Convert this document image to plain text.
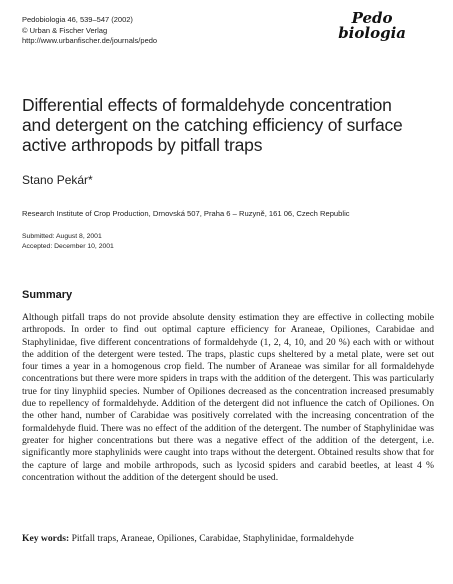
Pedobiologia 46, 539–547 (2002)
© Urban & Fischer Verlag
http://www.urbanfischer.de/journals/pedo
Pedo
biologia
Differential effects of formaldehyde concentration and detergent on the catching efficiency of surface active arthropods by pitfall traps
Stano Pekár*
Research Institute of Crop Production, Drnovská 507, Praha 6 – Ruzyně, 161 06, Czech Republic
Submitted: August 8, 2001
Accepted: December 10, 2001
Summary
Although pitfall traps do not provide absolute density estimation they are effective in collecting mobile arthropods. In order to find out optimal capture efficiency for Araneae, Opiliones, Carabidae and Staphylinidae, five different concentrations of formaldehyde (1, 2, 4, 10, and 20 %) each with or without the addition of the detergent were tested. The traps, plastic cups sheltered by a metal plate, were set out four times a year in a homogenous crop field. The number of Araneae was similar for all formaldehyde concentrations but there were more spiders in traps with the addition of the detergent. This was particularly true for tiny linyphiid species. Number of Opiliones decreased as the concentration increased presumably due to repellency of formaldehyde. Addition of the detergent did not influence the catch of Opiliones. On the other hand, number of Carabidae was positively correlated with the increasing concentration of the formaldehyde fluid. There was no effect of the addition of the detergent. The number of Staphylinidae was greater for higher concentrations but there was a negative effect of the addition of the detergent, i.e. significantly more staphylinids were caught into traps without the detergent. Obtained results show that for the capture of large and mobile arthropods, such as lycosid spiders and carabid beetles, at least 4 % concentration without the addition of the detergent should be used.
Key words: Pitfall traps, Araneae, Opiliones, Carabidae, Staphylinidae, formaldehyde
